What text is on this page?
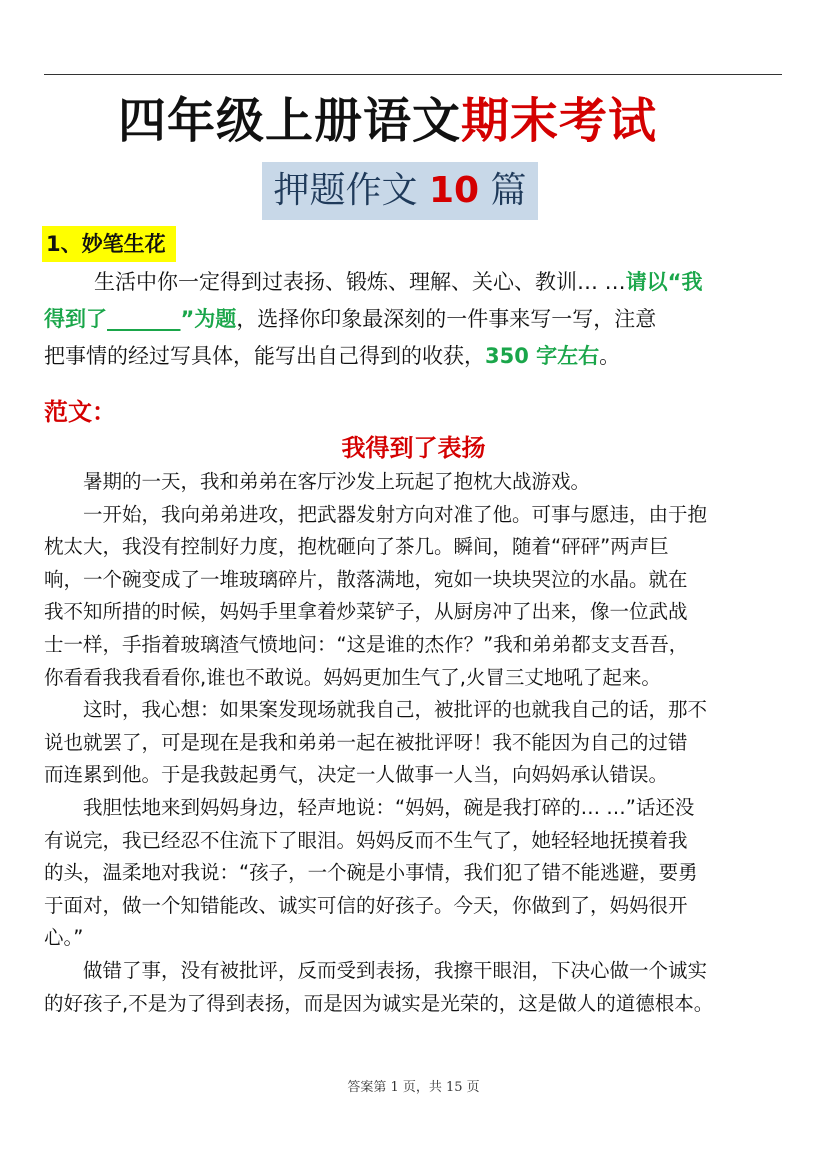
四年级上册语文期末考试
押题作文 10 篇
1、妙笔生花
生活中你一定得到过表扬、锻炼、理解、关心、教训… …请以“我
得到了_______”为题，选择你印象最深刻的一件事来写一写，注意
把事情的经过写具体，能写出自己得到的收获，350 字左右。
范文：
我得到了表扬
暑期的一天，我和弟弟在客厅沙发上玩起了抱枕大战游戏。
一开始，我向弟弟进攻，把武器发射方向对准了他。可事与愿违，由于抱
枕太大，我没有控制好力度，抱枕砸向了茶几。瞬间，随着“砰砰”两声巨
响，一个碗变成了一堆玻璃碎片，散落满地，宛如一块块哭泣的水晶。就在
我不知所措的时候，妈妈手里拿着炒菜铲子，从厨房冲了出来，像一位武战
士一样，手指着玻璃渣气愤地问：“这是谁的杰作？”我和弟弟都支支吾吾，
你看看我我看看你,谁也不敢说。妈妈更加生气了,火冒三丈地吼了起来。
这时，我心想：如果案发现场就我自己，被批评的也就我自己的话，那不
说也就罢了，可是现在是我和弟弟一起在被批评呀！我不能因为自己的过错
而连累到他。于是我鼓起勇气，决定一人做事一人当，向妈妈承认错误。
我胆怯地来到妈妈身边，轻声地说：“妈妈，碗是我打碎的… …”话还没
有说完，我已经忍不住流下了眼泪。妈妈反而不生气了，她轻轻地抚摸着我
的头，温柔地对我说：“孩子，一个碗是小事情，我们犯了错不能逃避，要勇
于面对，做一个知错能改、诚实可信的好孩子。今天，你做到了，妈妈很开
心。”
做错了事，没有被批评，反而受到表扬，我擦干眼泪，下决心做一个诚实
的好孩子,不是为了得到表扬，而是因为诚实是光荣的，这是做人的道德根本。
答案第 1 页，共 15 页
